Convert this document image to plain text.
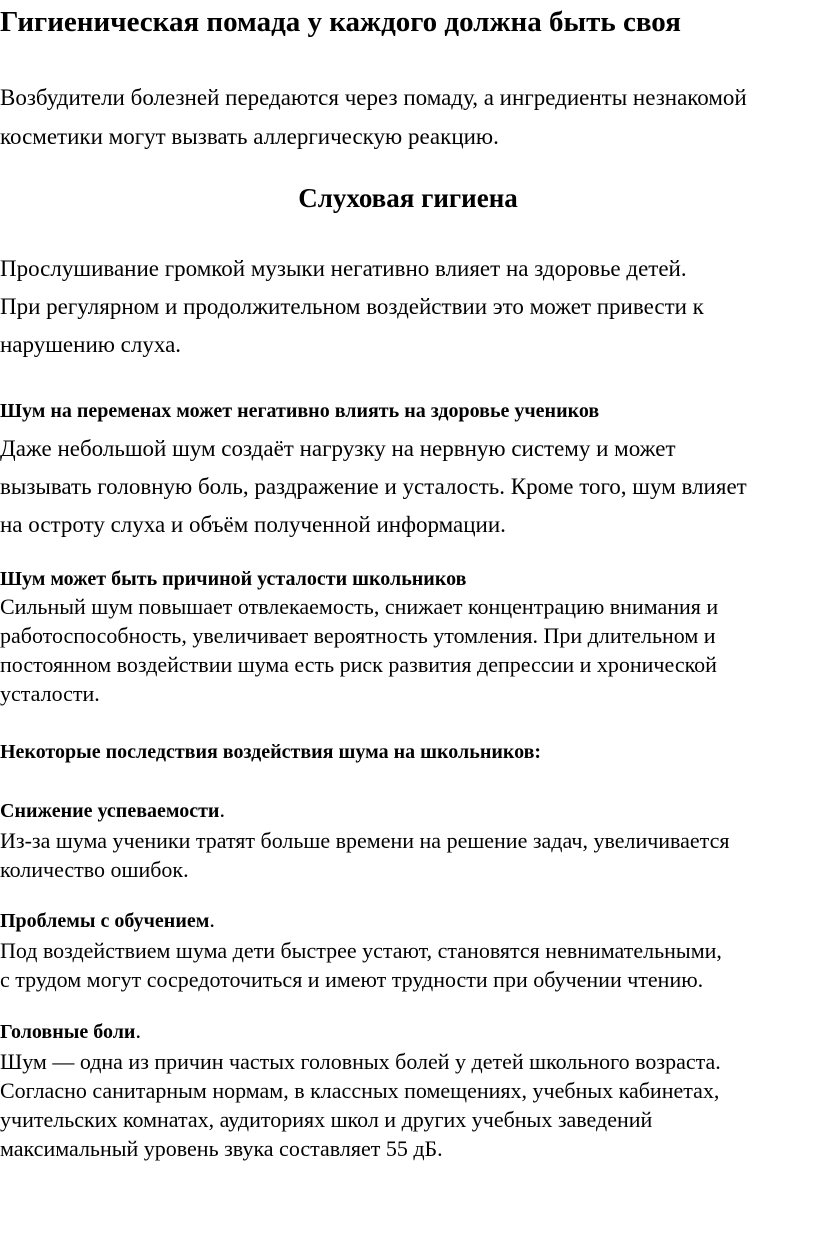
Гигиеническая помада у каждого должна быть своя
Возбудители болезней передаются через помаду, а ингредиенты незнакомой
косметики могут вызвать аллергическую реакцию.
Слуховая гигиена
Прослушивание громкой музыки негативно влияет на здоровье детей.
При регулярном и продолжительном воздействии это может привести к
нарушению слуха.
Шум на переменах может негативно влиять на здоровье учеников
Даже небольшой шум создаёт нагрузку на нервную систему и может
вызывать головную боль, раздражение и усталость. Кроме того, шум влияет
на остроту слуха и объём полученной информации.
Шум может быть причиной усталости школьников
Сильный шум повышает отвлекаемость, снижает концентрацию внимания и
работоспособность, увеличивает вероятность утомления. При длительном и
постоянном воздействии шума есть риск развития депрессии и хронической
усталости.
Некоторые последствия воздействия шума на школьников:
Снижение успеваемости.
Из-за шума ученики тратят больше времени на решение задач, увеличивается
количество ошибок.
Проблемы с обучением.
Под воздействием шума дети быстрее устают, становятся невнимательными,
с трудом могут сосредоточиться и имеют трудности при обучении чтению.
Головные боли.
Шум — одна из причин частых головных болей у детей школьного возраста.
Согласно санитарным нормам, в классных помещениях, учебных кабинетах,
учительских комнатах, аудиториях школ и других учебных заведений
максимальный уровень звука составляет 55 дБ.
